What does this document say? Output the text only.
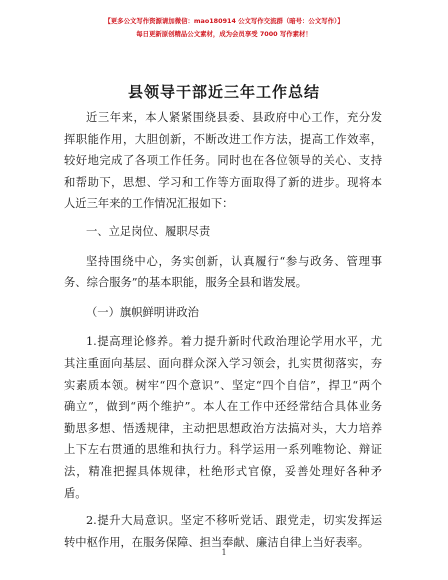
【更多公文写作资源请加微信：mao180914 公文写作交流群（暗号：公文写作）】
每日更新原创精品公文素材，成为会员享受 7000 写作素材！
县领导干部近三年工作总结
近三年来，本人紧紧围绕县委、县政府中心工作，充分发
挥职能作用，大胆创新，不断改进工作方法，提高工作效率，
较好地完成了各项工作任务。同时也在各位领导的关心、支持
和帮助下，思想、学习和工作等方面取得了新的进步。现将本
人近三年来的工作情况汇报如下：
一、立足岗位、履职尽责
坚持围绕中心，务实创新，认真履行“参与政务、管理事
务、综合服务”的基本职能，服务全县和谐发展。
（一）旗帜鲜明讲政治
1.提高理论修养。着力提升新时代政治理论学用水平，尤
其注重面向基层、面向群众深入学习领会，扎实贯彻落实，夯
实素质本领。树牢“四个意识”、坚定“四个自信”，捍卫“两个
确立”，做到“两个维护”。本人在工作中还经常结合具体业务
勤思多想、悟透规律，主动把思想政治方法搞对头，大力培养
上下左右贯通的思维和执行力。科学运用一系列唯物论、辩证
法，精准把握具体规律，杜绝形式官僚，妥善处理好各种矛
盾。
2.提升大局意识。坚定不移听党话、跟党走，切实发挥运
转中枢作用，在服务保障、担当奉献、廉洁自律上当好表率。
1
